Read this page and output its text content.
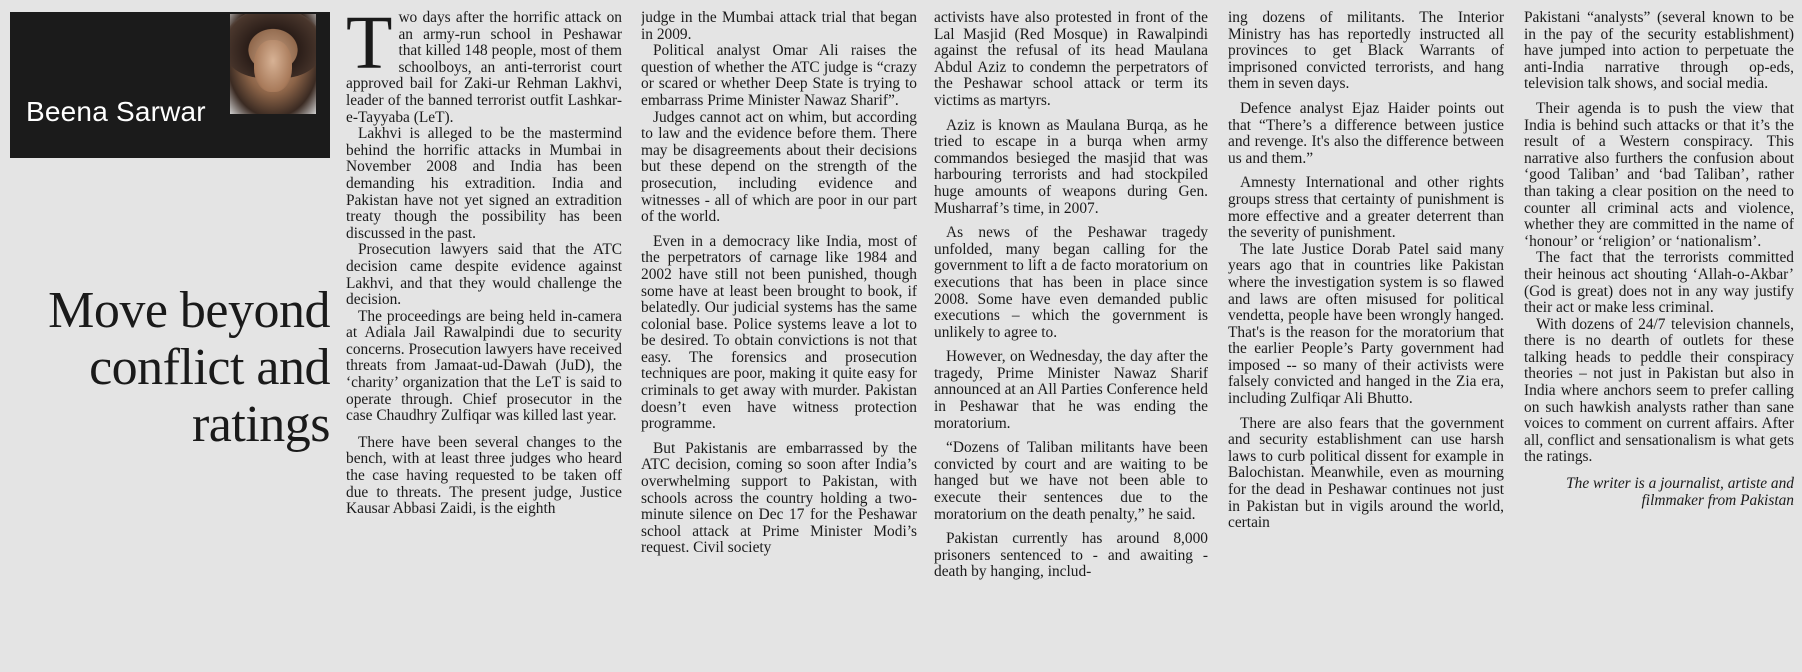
Beena Sarwar
Move beyond conflict and ratings
T wo days after the horrific attack on an army-run school in Peshawar that killed 148 people, most of them schoolboys, an anti-terrorist court approved bail for Zaki-ur Rehman Lakhvi, leader of the banned terrorist outfit Lashkar-e-Tayyaba (LeT).

Lakhvi is alleged to be the mastermind behind the horrific attacks in Mumbai in November 2008 and India has been demanding his extradition. India and Pakistan have not yet signed an extradition treaty though the possibility has been discussed in the past.

Prosecution lawyers said that the ATC decision came despite evidence against Lakhvi, and that they would challenge the decision.

The proceedings are being held in-camera at Adiala Jail Rawalpindi due to security concerns. Prosecution lawyers have received threats from Jamaat-ud-Dawah (JuD), the ‘charity’ organization that the LeT is said to operate through. Chief prosecutor in the case Chaudhry Zulfiqar was killed last year.

There have been several changes to the bench, with at least three judges who heard the case having requested to be taken off due to threats. The present judge, Justice Kausar Abbasi Zaidi, is the eighth

judge in the Mumbai attack trial that began in 2009.

Political analyst Omar Ali raises the question of whether the ATC judge is “crazy or scared or whether Deep State is trying to embarrass Prime Minister Nawaz Sharif”.

Judges cannot act on whim, but according to law and the evidence before them. There may be disagreements about their decisions but these depend on the strength of the prosecution, including evidence and witnesses - all of which are poor in our part of the world.

Even in a democracy like India, most of the perpetrators of carnage like 1984 and 2002 have still not been punished, though some have at least been brought to book, if belatedly. Our judicial systems has the same colonial base. Police systems leave a lot to be desired. To obtain convictions is not that easy. The forensics and prosecution techniques are poor, making it quite easy for criminals to get away with murder. Pakistan doesn’t even have witness protection programme.

But Pakistanis are embarrassed by the ATC decision, coming so soon after India’s overwhelming support to Pakistan, with schools across the country holding a two-minute silence on Dec 17 for the Peshawar school attack at Prime Minister Modi’s request. Civil society

activists have also protested in front of the Lal Masjid (Red Mosque) in Rawalpindi against the refusal of its head Maulana Abdul Aziz to condemn the perpetrators of the Peshawar school attack or term its victims as martyrs.

Aziz is known as Maulana Burqa, as he tried to escape in a burqa when army commandos besieged the masjid that was harbouring terrorists and had stockpiled huge amounts of weapons during Gen. Musharraf’s time, in 2007.

As news of the Peshawar tragedy unfolded, many began calling for the government to lift a de facto moratorium on executions that has been in place since 2008. Some have even demanded public executions – which the government is unlikely to agree to.

However, on Wednesday, the day after the tragedy, Prime Minister Nawaz Sharif announced at an All Parties Conference held in Peshawar that he was ending the moratorium.

“Dozens of Taliban militants have been convicted by court and are waiting to be hanged but we have not been able to execute their sentences due to the moratorium on the death penalty,” he said.

Pakistan currently has around 8,000 prisoners sentenced to - and awaiting - death by hanging, includ-

ing dozens of militants. The Interior Ministry has has reportedly instructed all provinces to get Black Warrants of imprisoned convicted terrorists, and hang them in seven days.

Defence analyst Ejaz Haider points out that “There’s a difference between justice and revenge. It's also the difference between us and them.”

Amnesty International and other rights groups stress that certainty of punishment is more effective and a greater deterrent than the severity of punishment.

The late Justice Dorab Patel said many years ago that in countries like Pakistan where the investigation system is so flawed and laws are often misused for political vendetta, people have been wrongly hanged. That's is the reason for the moratorium that the earlier People’s Party government had imposed -- so many of their activists were falsely convicted and hanged in the Zia era, including Zulfiqar Ali Bhutto.

There are also fears that the government and security establishment can use harsh laws to curb political dissent for example in Balochistan. Meanwhile, even as mourning for the dead in Peshawar continues not just in Pakistan but in vigils around the world, certain

Pakistani “analysts” (several known to be in the pay of the security establishment) have jumped into action to perpetuate the anti-India narrative through op-eds, television talk shows, and social media.

Their agenda is to push the view that India is behind such attacks or that it’s the result of a Western conspiracy. This narrative also furthers the confusion about ‘good Taliban’ and ‘bad Taliban’, rather than taking a clear position on the need to counter all criminal acts and violence, whether they are committed in the name of ‘honour’ or ‘religion’ or ‘nationalism’.

The fact that the terrorists committed their heinous act shouting ‘Allah-o-Akbar’ (God is great) does not in any way justify their act or make less criminal.

With dozens of 24/7 television channels, there is no dearth of outlets for these talking heads to peddle their conspiracy theories – not just in Pakistan but also in India where anchors seem to prefer calling on such hawkish analysts rather than sane voices to comment on current affairs. After all, conflict and sensationalism is what gets the ratings.

The writer is a journalist, artiste and filmmaker from Pakistan
